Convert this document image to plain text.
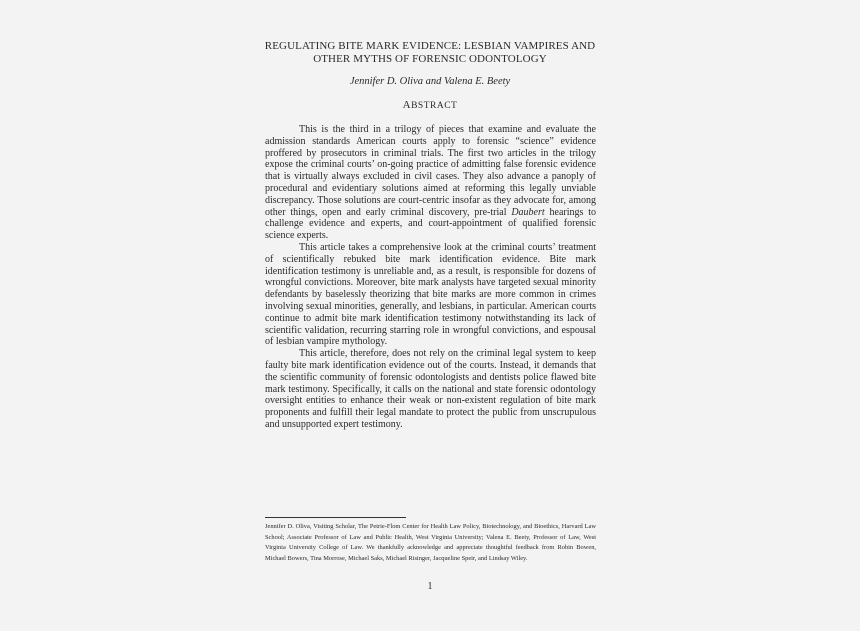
REGULATING BITE MARK EVIDENCE: LESBIAN VAMPIRES AND
OTHER MYTHS OF FORENSIC ODONTOLOGY
Jennifer D. Oliva and Valena E. Beety
ABSTRACT

This is the third in a trilogy of pieces that examine and evaluate the admission standards American courts apply to forensic “science” evidence proffered by prosecutors in criminal trials. The first two articles in the trilogy expose the criminal courts’ on-going practice of admitting false forensic evidence that is virtually always excluded in civil cases. They also advance a panoply of procedural and evidentiary solutions aimed at reforming this legally unviable discrepancy. Those solutions are court-centric insofar as they advocate for, among other things, open and early criminal discovery, pre-trial Daubert hearings to challenge evidence and experts, and court-appointment of qualified forensic science experts.

This article takes a comprehensive look at the criminal courts’ treatment of scientifically rebuked bite mark identification evidence. Bite mark identification testimony is unreliable and, as a result, is responsible for dozens of wrongful convictions. Moreover, bite mark analysts have targeted sexual minority defendants by baselessly theorizing that bite marks are more common in crimes involving sexual minorities, generally, and lesbians, in particular. American courts continue to admit bite mark identification testimony notwithstanding its lack of scientific validation, recurring starring role in wrongful convictions, and espousal of lesbian vampire mythology.

This article, therefore, does not rely on the criminal legal system to keep faulty bite mark identification evidence out of the courts. Instead, it demands that the scientific community of forensic odontologists and dentists police flawed bite mark testimony. Specifically, it calls on the national and state forensic odontology oversight entities to enhance their weak or non-existent regulation of bite mark proponents and fulfill their legal mandate to protect the public from unscrupulous and unsupported expert testimony.

Jennifer D. Oliva, Visiting Scholar, The Petrie-Flom Center for Health Law Policy, Biotechnology, and Bioethics, Harvard Law School; Associate Professor of Law and Public Health, West Virginia University; Valena E. Beety, Professor of Law, West Virginia University College of Law. We thankfully acknowledge and appreciate thoughtful feedback from Robin Bowen, Michael Bowers, Tina Morrose, Michael Saks, Michael Risinger, Jacqueline Speir, and Lindsay Wiley.
1
